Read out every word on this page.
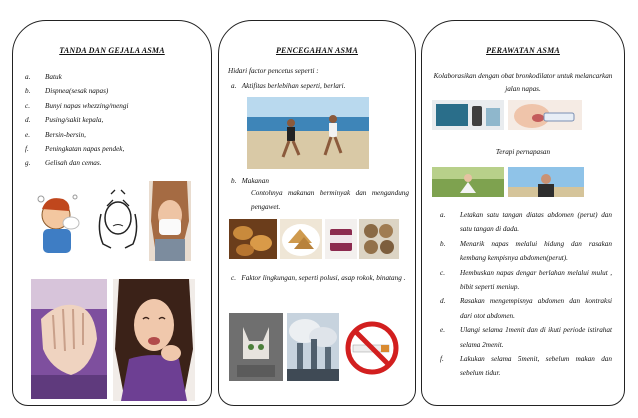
TANDA DAN GEJALA ASMA
a. Batuk
b. Dispnea(sesak napas)
c. Bunyi napas whezzing/mengi
d. Pusing/sakit kepala,
e. Bersin-bersin,
f. Peningkatan napas pendek,
g. Gelisah dan cemas.
PENCEGAHAN ASMA
Hidari factor pencetus seperti :
a. Aktifitas berlebihan seperti, berlari.
b. Makanan
Contohnya makanan berminyak dan mengandung pengawet.
c. Faktor lingkungan, seperti polusi, asap rokok, binatang .
PERAWATAN ASMA
Kolaborasikan dengan obat bronkodilator untuk melancarkan jalan napas.
Terapi pernapasan
a. Letakan satu tangan diatas abdomen (perut) dan satu tangan di dada.
b. Menarik napas melalui hidung dan rasakan kembang kempisnya abdomen(perut).
c. Hembuskan napas dengar berlahan melalui mulut , bibit seperti meniup.
d. Rasakan mengempisnya abdomen dan kontraksi dari otot abdomen.
e. Ulangi selama 1menit dan di ikuti periode istirahat selama 2menit.
f. Lakukan selama 5menit, sebelum makan dan sebelum tidur.
